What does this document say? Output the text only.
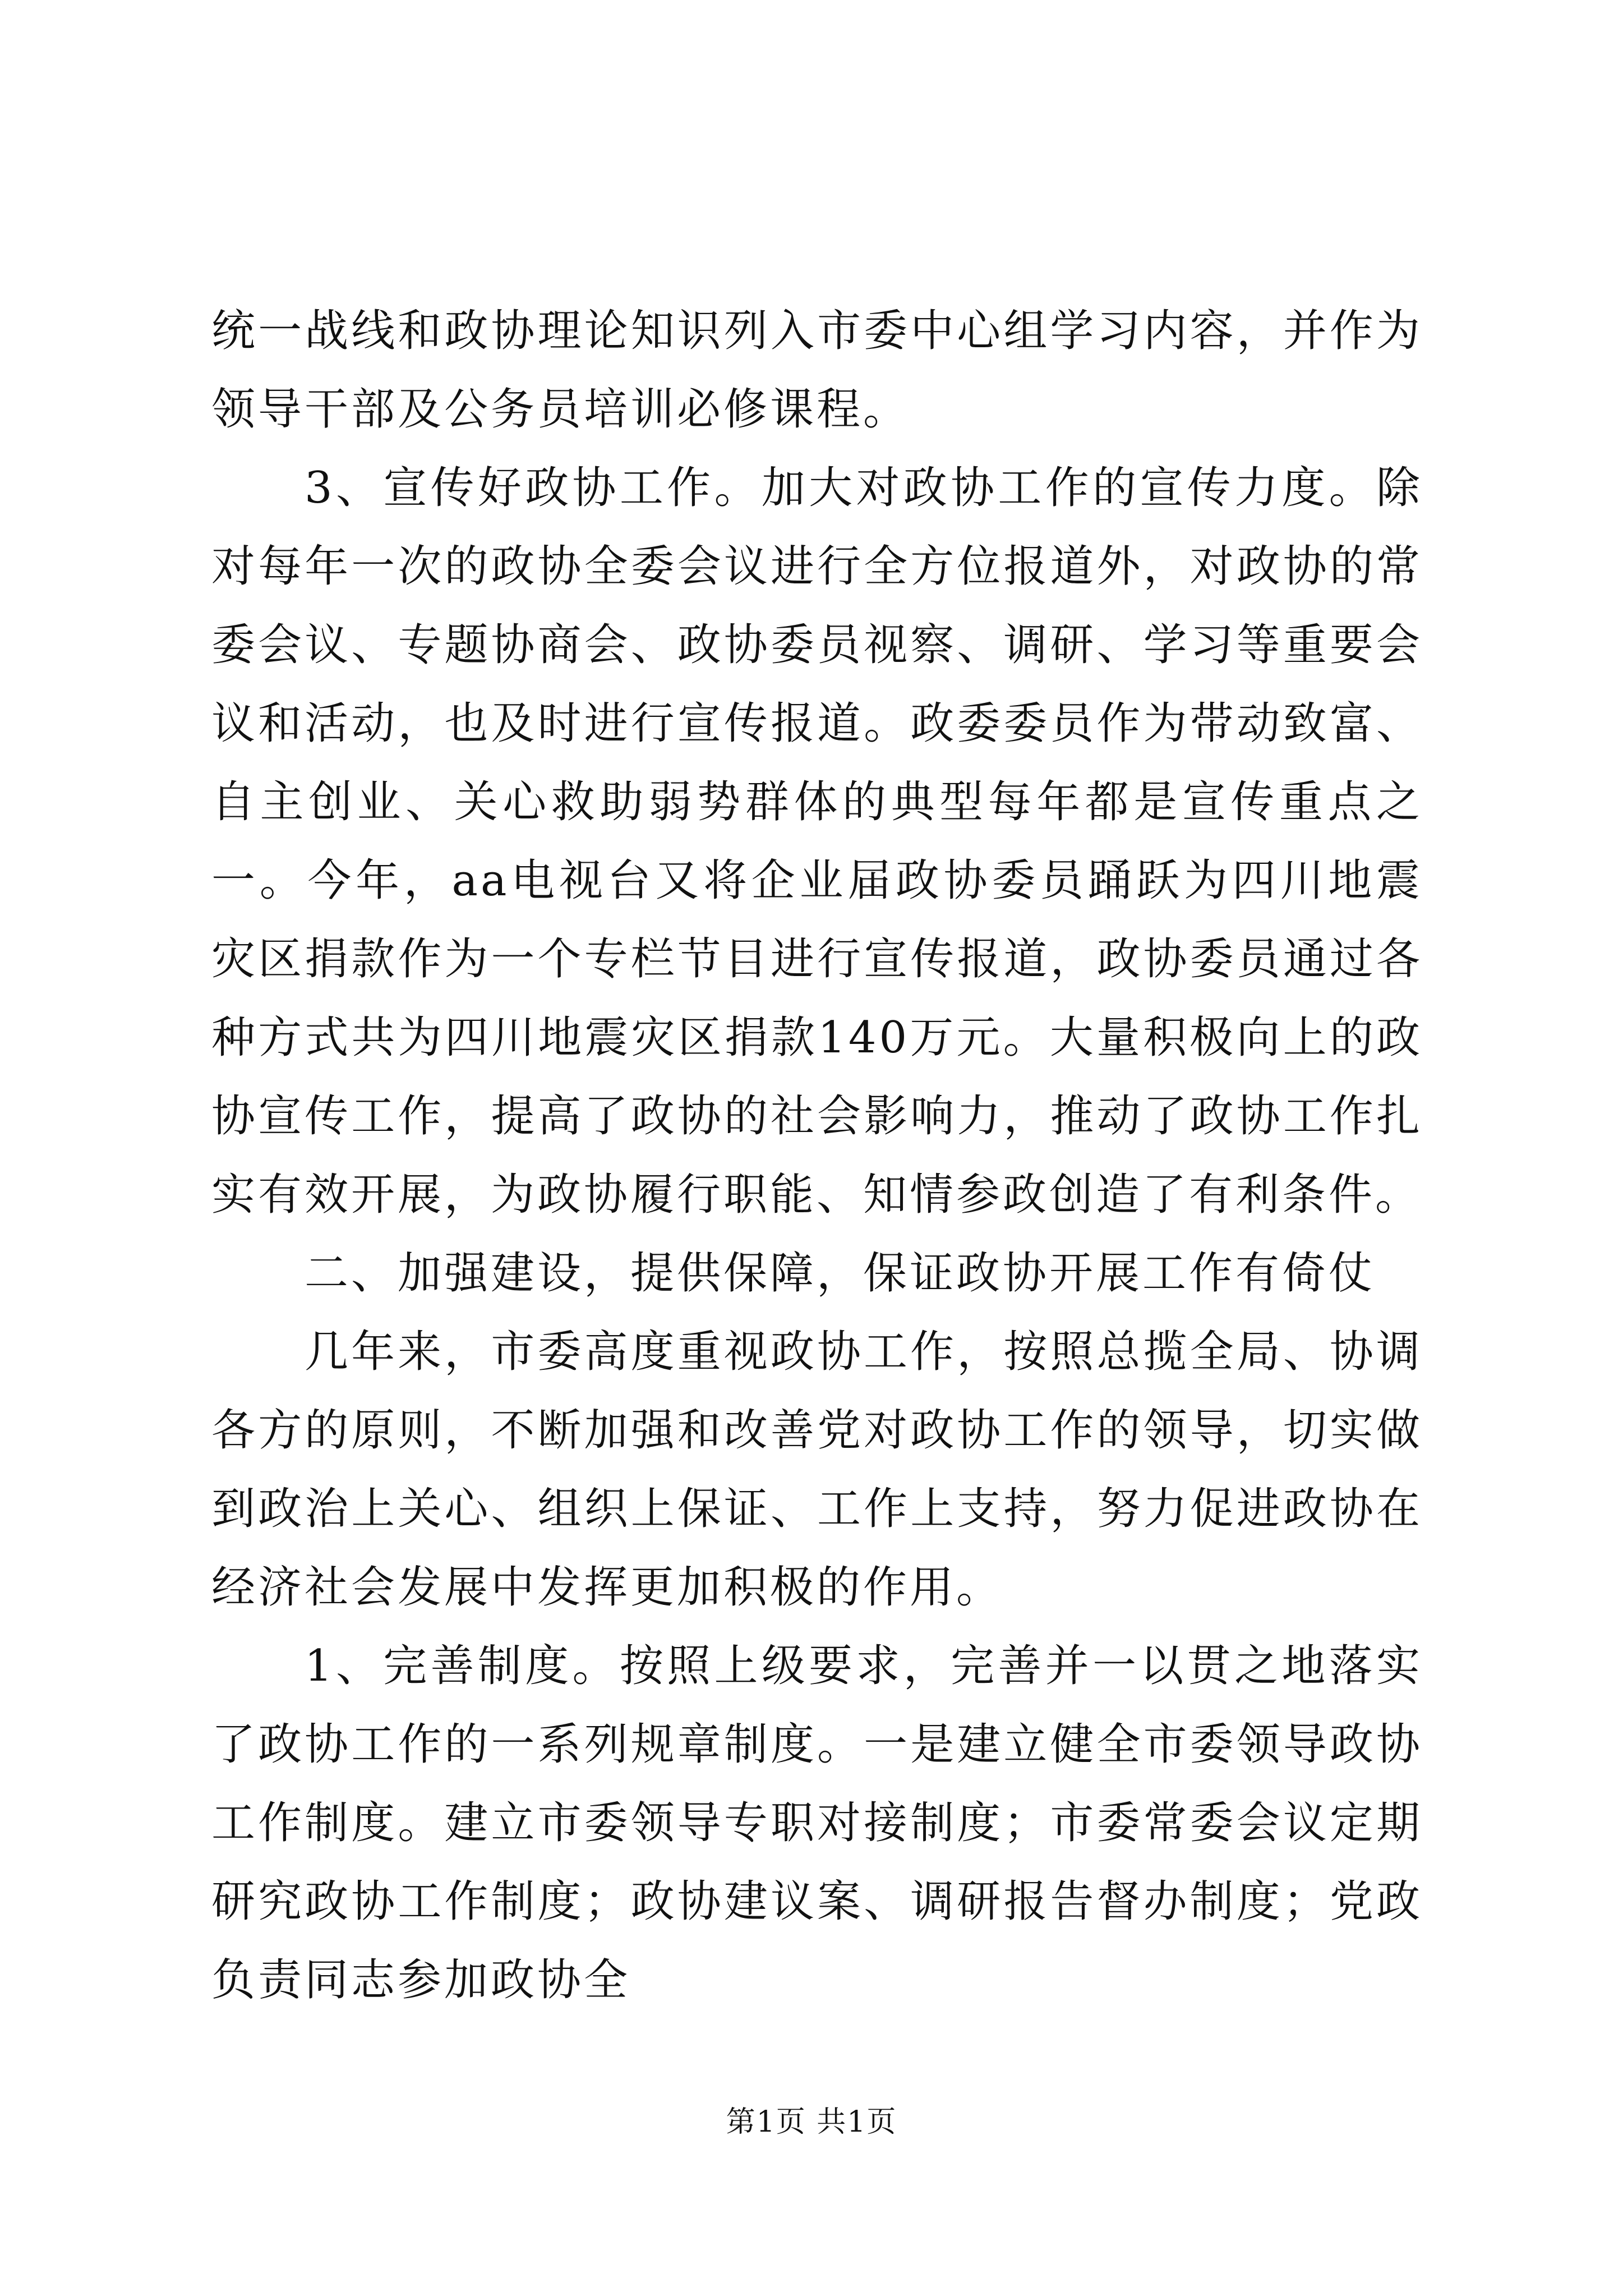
统一战线和政协理论知识列入市委中心组学习内容，并作为领导干部及公务员培训必修课程。

3、宣传好政协工作。加大对政协工作的宣传力度。除对每年一次的政协全委会议进行全方位报道外，对政协的常委会议、专题协商会、政协委员视察、调研、学习等重要会议和活动，也及时进行宣传报道。政委委员作为带动致富、自主创业、关心救助弱势群体的典型每年都是宣传重点之一。今年，aa电视台又将企业届政协委员踊跃为四川地震灾区捐款作为一个专栏节目进行宣传报道，政协委员通过各种方式共为四川地震灾区捐款140万元。大量积极向上的政协宣传工作，提高了政协的社会影响力，推动了政协工作扎实有效开展，为政协履行职能、知情参政创造了有利条件。

二、加强建设，提供保障，保证政协开展工作有倚仗

几年来，市委高度重视政协工作，按照总揽全局、协调各方的原则，不断加强和改善党对政协工作的领导，切实做到政治上关心、组织上保证、工作上支持，努力促进政协在经济社会发展中发挥更加积极的作用。

1、完善制度。按照上级要求，完善并一以贯之地落实了政协工作的一系列规章制度。一是建立健全市委领导政协工作制度。建立市委领导专职对接制度；市委常委会议定期研究政协工作制度；政协建议案、调研报告督办制度；党政负责同志参加政协全

第1页 共1页
